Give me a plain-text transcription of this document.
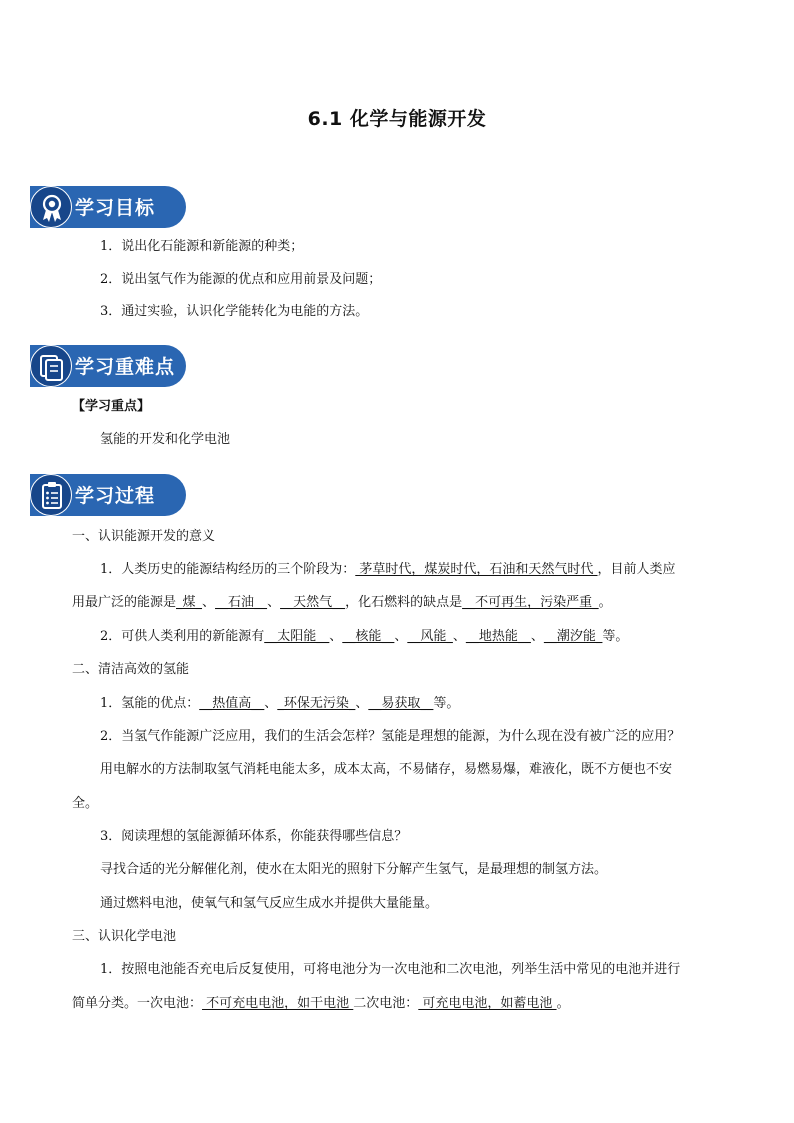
6.1 化学与能源开发
学习目标
1．说出化石能源和新能源的种类；
2．说出氢气作为能源的优点和应用前景及问题；
3．通过实验，认识化学能转化为电能的方法。
学习重难点
【学习重点】
氢能的开发和化学电池
学习过程
一、认识能源开发的意义
1．人类历史的能源结构经历的三个阶段为： 茅草时代，煤炭时代，石油和天然气时代 ，目前人类应
用最广泛的能源是_煤_、__石油__、__天然气__，化石燃料的缺点是__不可再生，污染严重_。
2．可供人类利用的新能源有__太阳能__、__核能__、__风能_、__地热能__、__潮汐能_等。
二、清洁高效的氢能
1．氢能的优点：__热值高__、_环保无污染_、__易获取__等。
2．当氢气作能源广泛应用，我们的生活会怎样？氢能是理想的能源，为什么现在没有被广泛的应用？
用电解水的方法制取氢气消耗电能太多，成本太高，不易储存，易燃易爆，难液化，既不方便也不安
全。
3．阅读理想的氢能源循环体系，你能获得哪些信息？
寻找合适的光分解催化剂，使水在太阳光的照射下分解产生氢气，是最理想的制氢方法。
通过燃料电池，使氧气和氢气反应生成水并提供大量能量。
三、认识化学电池
1．按照电池能否充电后反复使用，可将电池分为一次电池和二次电池，列举生活中常见的电池并进行
简单分类。一次电池： 不可充电电池，如干电池 二次电池： 可充电电池，如蓄电池 。
